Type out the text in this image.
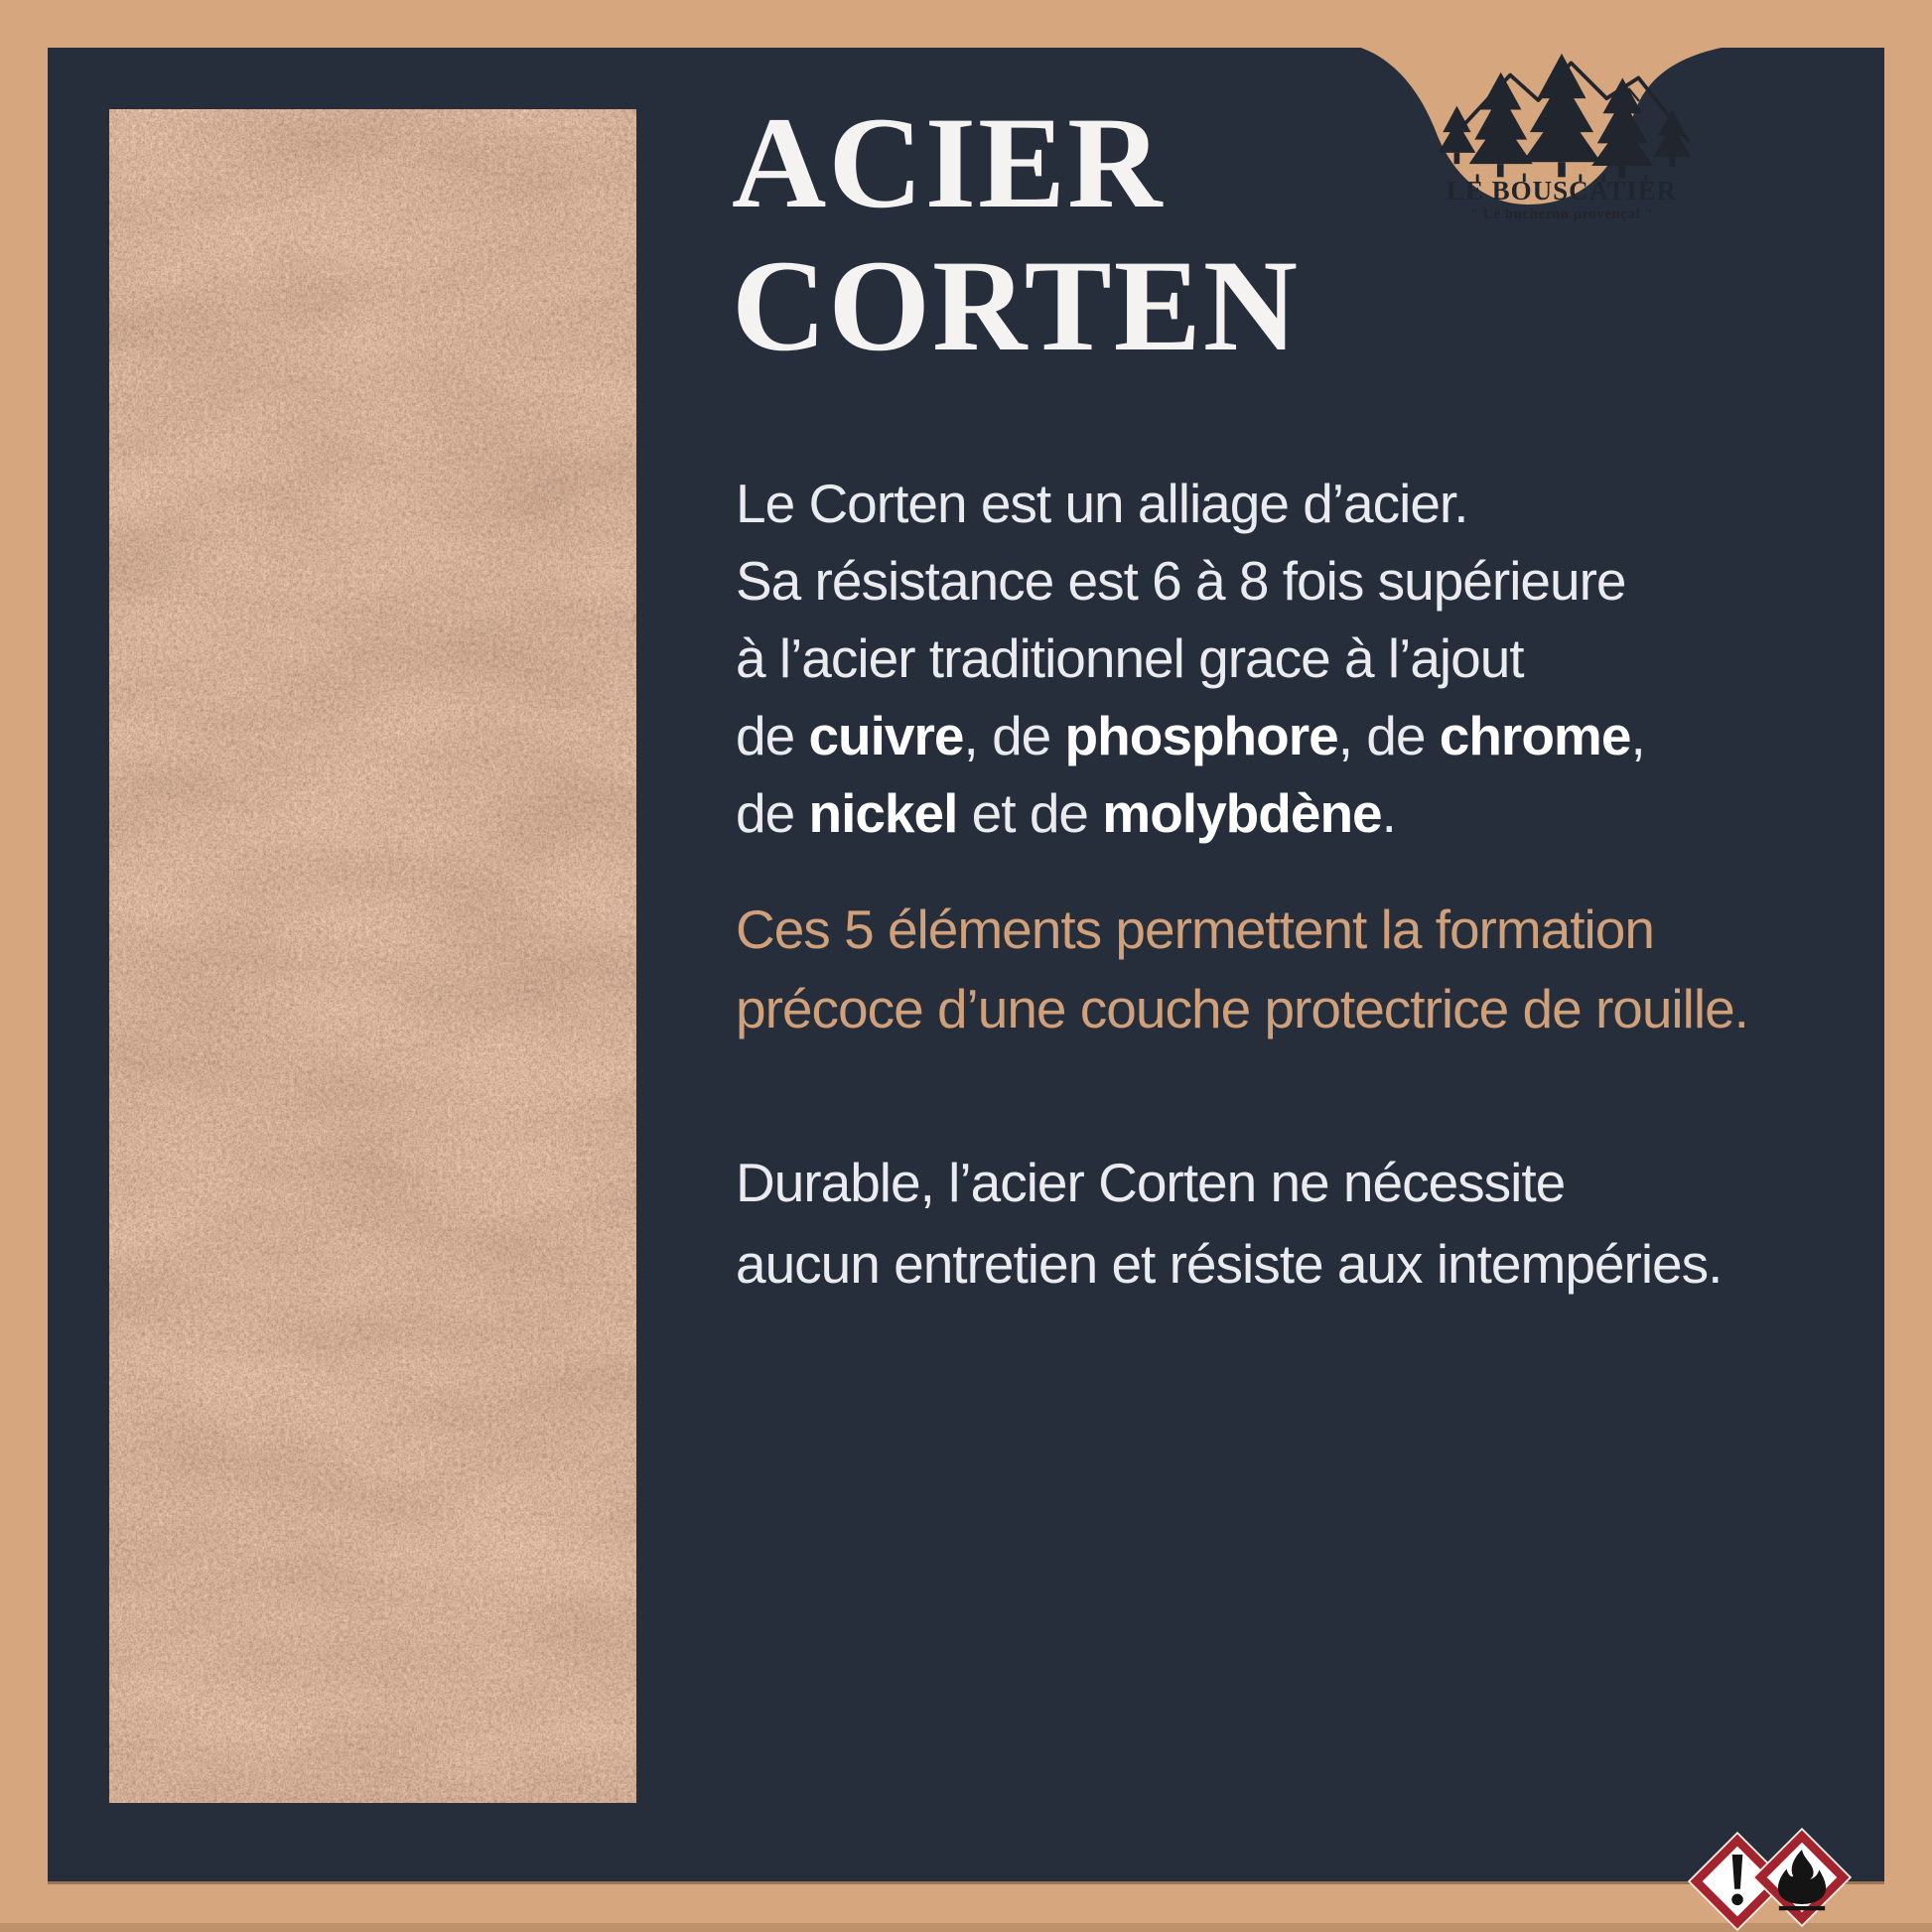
ACIER
CORTEN
Le Corten est un alliage d’acier.
Sa résistance est 6 à 8 fois supérieure
à l’acier traditionnel grace à l’ajout
de cuivre, de phosphore, de chrome,
de nickel et de molybdène.
Ces 5 éléments permettent la formation
précoce d’une couche protectrice de rouille.
Durable, l’acier Corten ne nécessite
aucun entretien et résiste aux intempéries.
LE BOUSCATIER
" Le bucheron provençal "
